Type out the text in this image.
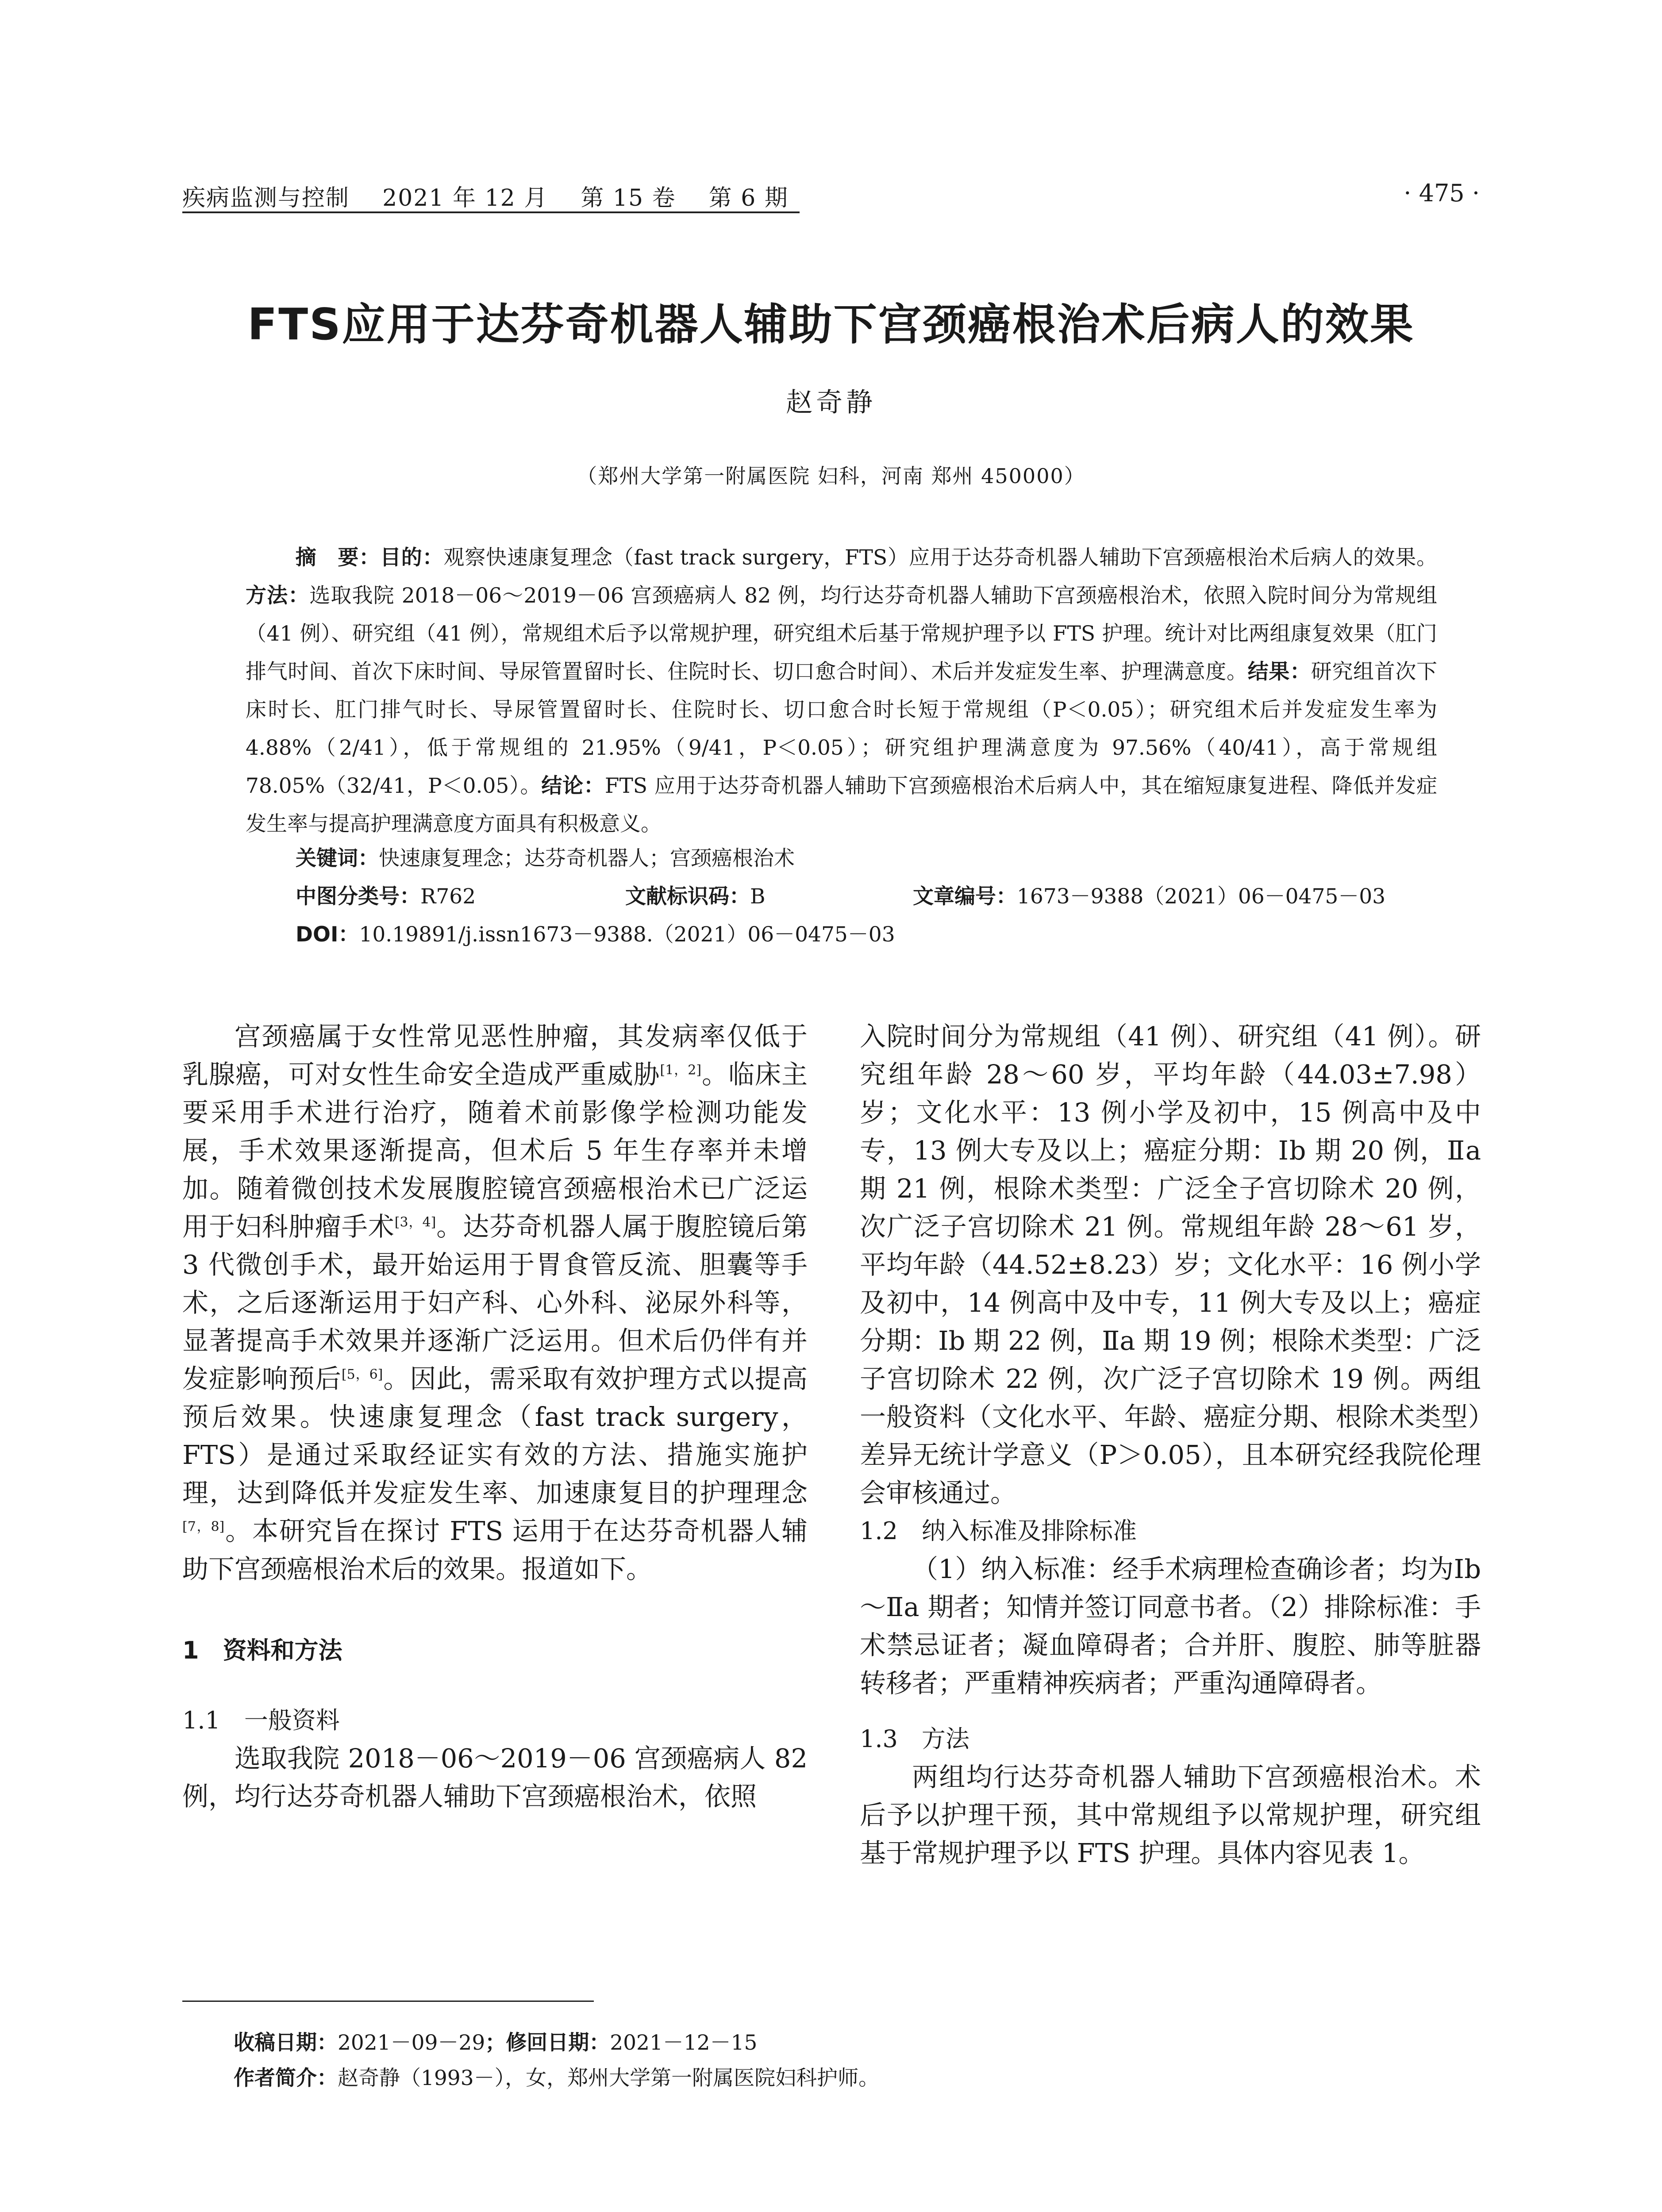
疾病监测与控制 2021 年 12 月 第 15 卷 第 6 期	· 475 ·
FTS应用于达芬奇机器人辅助下宫颈癌根治术后病人的效果
赵奇静
（郑州大学第一附属医院 妇科，河南 郑州 450000）
摘　要：目的：观察快速康复理念（fast track surgery，FTS）应用于达芬奇机器人辅助下宫颈癌根治术后病人的效果。方法：选取我院 2018－06～2019－06 宫颈癌病人 82 例，均行达芬奇机器人辅助下宫颈癌根治术，依照入院时间分为常规组（41 例）、研究组（41 例），常规组术后予以常规护理，研究组术后基于常规护理予以 FTS 护理。统计对比两组康复效果（肛门排气时间、首次下床时间、导尿管置留时长、住院时长、切口愈合时间）、术后并发症发生率、护理满意度。结果：研究组首次下床时长、肛门排气时长、导尿管置留时长、住院时长、切口愈合时长短于常规组（P＜0.05）；研究组术后并发症发生率为 4.88%（2/41），低于常规组的 21.95%（9/41，P＜0.05）；研究组护理满意度为 97.56%（40/41），高于常规组 78.05%（32/41，P＜0.05）。结论：FTS 应用于达芬奇机器人辅助下宫颈癌根治术后病人中，其在缩短康复进程、降低并发症发生率与提高护理满意度方面具有积极意义。
关键词：快速康复理念；达芬奇机器人；宫颈癌根治术
中图分类号：R762	文献标识码：B	文章编号：1673－9388（2021）06－0475－03
DOI：10.19891/j.issn1673－9388.（2021）06－0475－03

宫颈癌属于女性常见恶性肿瘤，其发病率仅低于乳腺癌，可对女性生命安全造成严重威胁[1，2]。临床主要采用手术进行治疗，随着术前影像学检测功能发展，手术效果逐渐提高，但术后 5 年生存率并未增加。随着微创技术发展腹腔镜宫颈癌根治术已广泛运用于妇科肿瘤手术[3，4]。达芬奇机器人属于腹腔镜后第 3 代微创手术，最开始运用于胃食管反流、胆囊等手术，之后逐渐运用于妇产科、心外科、泌尿外科等，显著提高手术效果并逐渐广泛运用。但术后仍伴有并发症影响预后[5，6]。因此，需采取有效护理方式以提高预后效果。快速康复理念（fast track surgery，FTS）是通过采取经证实有效的方法、措施实施护理，达到降低并发症发生率、加速康复目的护理理念[7，8]。本研究旨在探讨 FTS 运用于在达芬奇机器人辅助下宫颈癌根治术后的效果。报道如下。

1　资料和方法

1.1　一般资料

选取我院 2018－06～2019－06 宫颈癌病人 82 例，均行达芬奇机器人辅助下宫颈癌根治术，依照

入院时间分为常规组（41 例）、研究组（41 例）。研究组年龄 28～60 岁，平均年龄（44.03±7.98）岁；文化水平：13 例小学及初中，15 例高中及中专，13 例大专及以上；癌症分期：Ⅰb 期 20 例，Ⅱa 期 21 例，根除术类型：广泛全子宫切除术 20 例，次广泛子宫切除术 21 例。常规组年龄 28～61 岁，平均年龄（44.52±8.23）岁；文化水平：16 例小学及初中，14 例高中及中专，11 例大专及以上；癌症分期：Ⅰb 期 22 例，Ⅱa 期 19 例；根除术类型：广泛子宫切除术 22 例，次广泛子宫切除术 19 例。两组一般资料（文化水平、年龄、癌症分期、根除术类型）差异无统计学意义（P＞0.05），且本研究经我院伦理会审核通过。

1.2　纳入标准及排除标准

（1）纳入标准：经手术病理检查确诊者；均为Ⅰb～Ⅱa 期者；知情并签订同意书者。（2）排除标准：手术禁忌证者；凝血障碍者；合并肝、腹腔、肺等脏器转移者；严重精神疾病者；严重沟通障碍者。

1.3　方法

两组均行达芬奇机器人辅助下宫颈癌根治术。术后予以护理干预，其中常规组予以常规护理，研究组基于常规护理予以 FTS 护理。具体内容见表 1。

收稿日期：2021－09－29；修回日期：2021－12－15
作者简介：赵奇静（1993－），女，郑州大学第一附属医院妇科护师。
